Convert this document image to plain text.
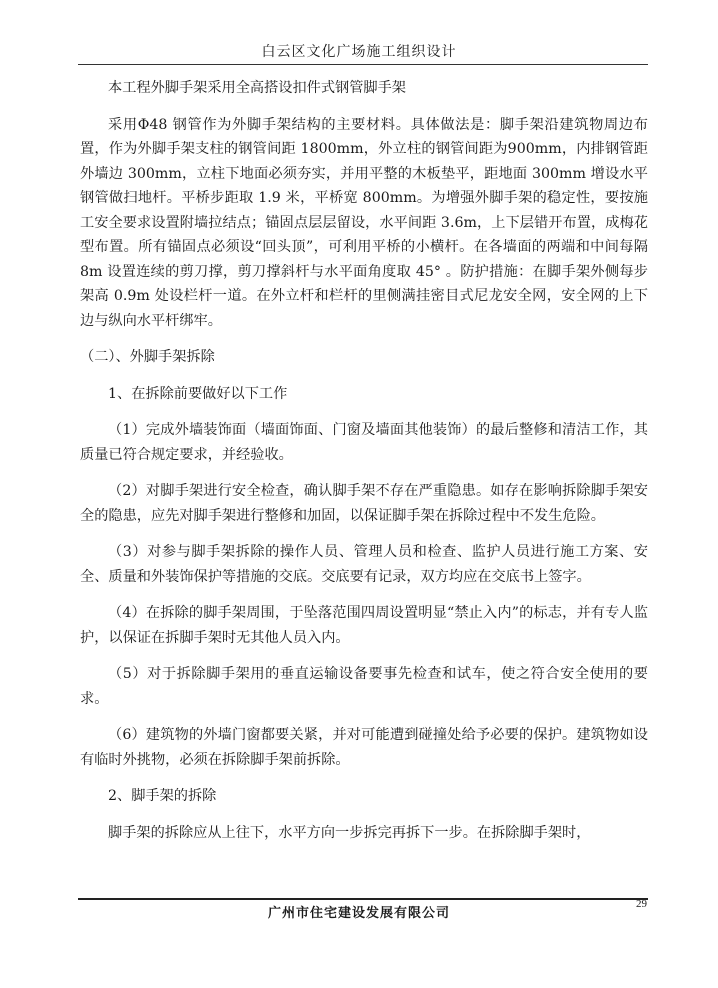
白云区文化广场施工组织设计

本工程外脚手架采用全高搭设扣件式钢管脚手架

采用Φ48 钢管作为外脚手架结构的主要材料。具体做法是：脚手架沿建筑物周边布置，作为外脚手架支柱的钢管间距 1800mm，外立柱的钢管间距为900mm，内排钢管距外墙边 300mm，立柱下地面必须夯实，并用平整的木板垫平，距地面 300mm 增设水平钢管做扫地杆。平桥步距取 1.9 米，平桥宽 800mm。为增强外脚手架的稳定性，要按施工安全要求设置附墙拉结点；锚固点层层留设，水平间距 3.6m，上下层错开布置，成梅花型布置。所有锚固点必须设“回头顶”，可利用平桥的小横杆。在各墙面的两端和中间每隔 8m 设置连续的剪刀撑，剪刀撑斜杆与水平面角度取 45° 。防护措施：在脚手架外侧每步架高 0.9m 处设栏杆一道。在外立杆和栏杆的里侧满挂密目式尼龙安全网，安全网的上下边与纵向水平杆绑牢。

（二）、外脚手架拆除

1、在拆除前要做好以下工作

（1）完成外墙装饰面（墙面饰面、门窗及墙面其他装饰）的最后整修和清洁工作，其质量已符合规定要求，并经验收。

（2）对脚手架进行安全检查，确认脚手架不存在严重隐患。如存在影响拆除脚手架安全的隐患，应先对脚手架进行整修和加固，以保证脚手架在拆除过程中不发生危险。

（3）对参与脚手架拆除的操作人员、管理人员和检查、监护人员进行施工方案、安全、质量和外装饰保护等措施的交底。交底要有记录，双方均应在交底书上签字。

（4）在拆除的脚手架周围，于坠落范围四周设置明显“禁止入内”的标志，并有专人监护，以保证在拆脚手架时无其他人员入内。

（5）对于拆除脚手架用的垂直运输设备要事先检查和试车，使之符合安全使用的要求。

（6）建筑物的外墙门窗都要关紧，并对可能遭到碰撞处给予必要的保护。建筑物如设有临时外挑物，必须在拆除脚手架前拆除。

2、脚手架的拆除

脚手架的拆除应从上往下，水平方向一步拆完再拆下一步。在拆除脚手架时，

广州市住宅建设发展有限公司
29
